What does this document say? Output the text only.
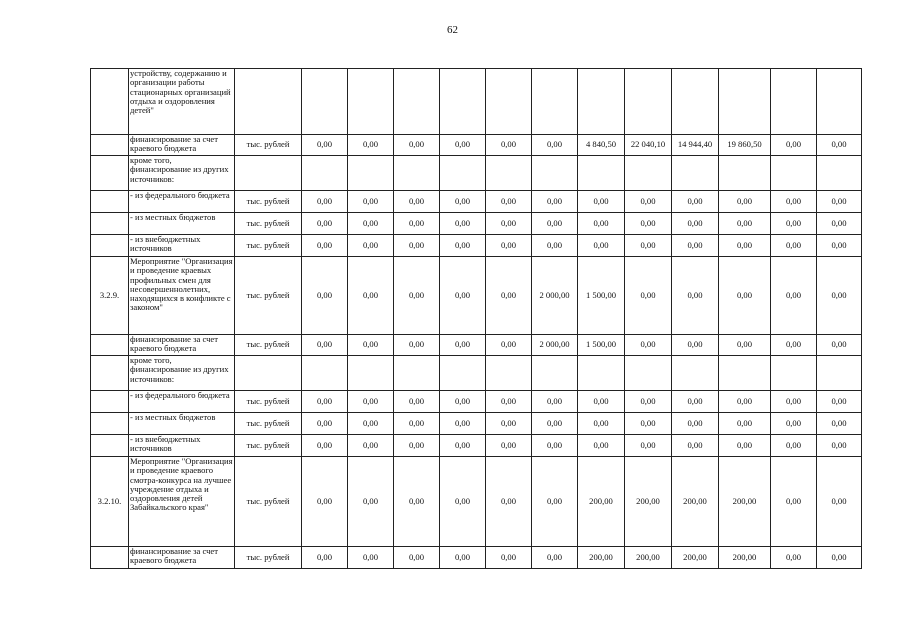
62
	устройству, содержанию и организации работы стационарных организаций отдыха и оздоровления детей"													
	финансирование за счет краевого бюджета	тыс. рублей	0,00	0,00	0,00	0,00	0,00	0,00	4 840,50	22 040,10	14 944,40	19 860,50	0,00	0,00
	кроме того, финансирование из других источников:													
	- из федерального бюджета	тыс. рублей	0,00	0,00	0,00	0,00	0,00	0,00	0,00	0,00	0,00	0,00	0,00	0,00
	- из местных бюджетов	тыс. рублей	0,00	0,00	0,00	0,00	0,00	0,00	0,00	0,00	0,00	0,00	0,00	0,00
	- из внебюджетных источников	тыс. рублей	0,00	0,00	0,00	0,00	0,00	0,00	0,00	0,00	0,00	0,00	0,00	0,00
3.2.9.	Мероприятие "Организация и проведение краевых профильных смен для несовершеннолетних, находящихся в конфликте с законом"	тыс. рублей	0,00	0,00	0,00	0,00	0,00	2 000,00	1 500,00	0,00	0,00	0,00	0,00	0,00
	финансирование за счет краевого бюджета	тыс. рублей	0,00	0,00	0,00	0,00	0,00	2 000,00	1 500,00	0,00	0,00	0,00	0,00	0,00
	кроме того, финансирование из других источников:													
	- из федерального бюджета	тыс. рублей	0,00	0,00	0,00	0,00	0,00	0,00	0,00	0,00	0,00	0,00	0,00	0,00
	- из местных бюджетов	тыс. рублей	0,00	0,00	0,00	0,00	0,00	0,00	0,00	0,00	0,00	0,00	0,00	0,00
	- из внебюджетных источников	тыс. рублей	0,00	0,00	0,00	0,00	0,00	0,00	0,00	0,00	0,00	0,00	0,00	0,00
3.2.10.	Мероприятие "Организация и проведение краевого смотра-конкурса на лучшее учреждение отдыха и оздоровления детей Забайкальского края"	тыс. рублей	0,00	0,00	0,00	0,00	0,00	0,00	200,00	200,00	200,00	200,00	0,00	0,00
	финансирование за счет краевого бюджета	тыс. рублей	0,00	0,00	0,00	0,00	0,00	0,00	200,00	200,00	200,00	200,00	0,00	0,00
